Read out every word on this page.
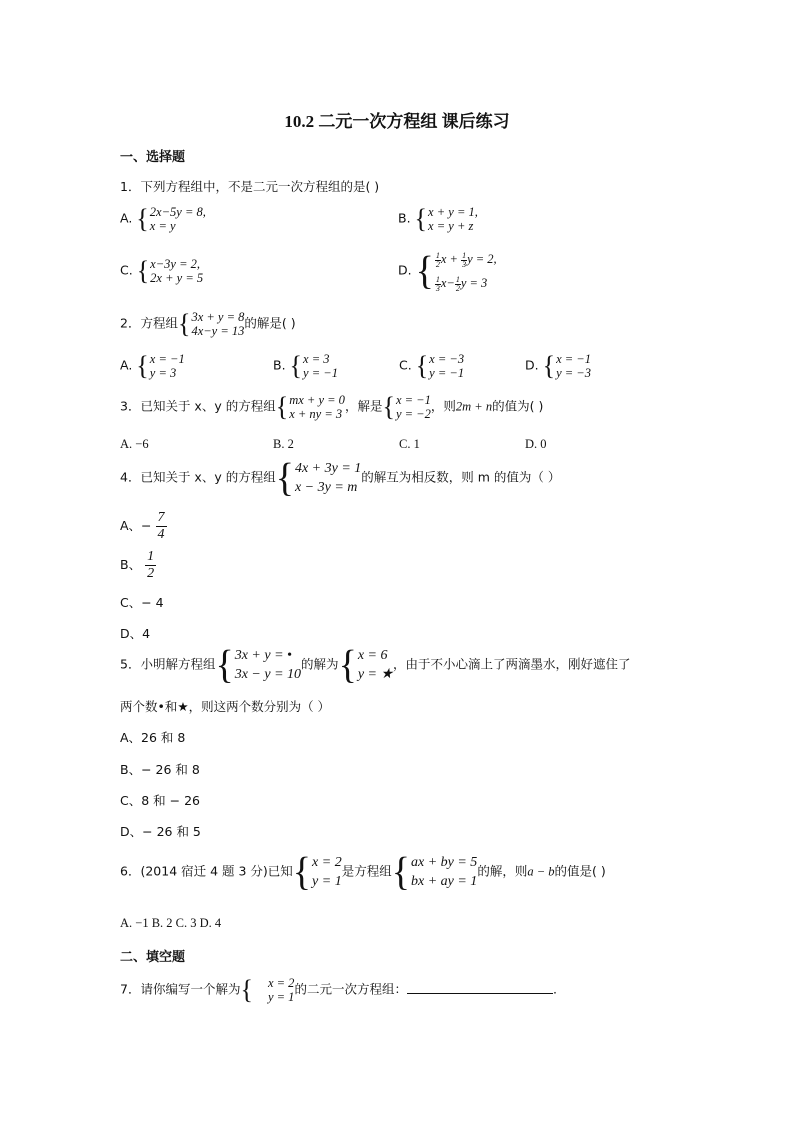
10.2 二元一次方程组 课后练习
一、选择题
1．下列方程组中，不是二元一次方程组的是( )
A. { 2x−5y = 8,
x = y
B. { x + y = 1,
x = y + z
C. { x−3y = 2,
2x + y = 5
D. { $\frac{1}{2}$ $x + \frac{1}{3}$ y = 2,
$\frac{1}{3} x- \frac{1}{2}$ y = 3
2．方程组 { 3x + y = 8
4x−y = 13
的解是( )
A. { x = −1
y = 3
B. { x = 3
y = −1
C. { x = −3
y = −1
D. { x = −1
y = −3
3．已知关于 x、y 的方程组 { mx + y = 0
x + ny = 3
，解是 { x = −1
y = −2
，则2m + n的值为( )
A. −6	B. 2	C. 1	D. 0
4．已知关于 x、y 的方程组 { 4x + 3y = 1
x − 3y = m
的解互为相反数，则 m 的值为（ ）
A、− $\frac{7}{4}$
B、 $\frac{1}{2}$
C、− 4
D、4
5．小明解方程组 { 3x + y = •
3x − y = 10
的解为 { x = 6
y = ★
，由于不小心滴上了两滴墨水，刚好遮住了
两个数•和★，则这两个数分别为（ ）
A、26 和 8
B、− 26 和 8
C、8 和 − 26
D、− 26 和 5
6．(2014 宿迁 4 题 3 分)已知 { x = 2
y = 1
是方程组 { ax + by = 5
bx + ay = 1
的解，则a − b的值是( )
A. −1 B. 2 C. 3 D. 4
二、填空题
7．请你编写一个解为 { x = 2
y = 1
的二元一次方程组：	.
